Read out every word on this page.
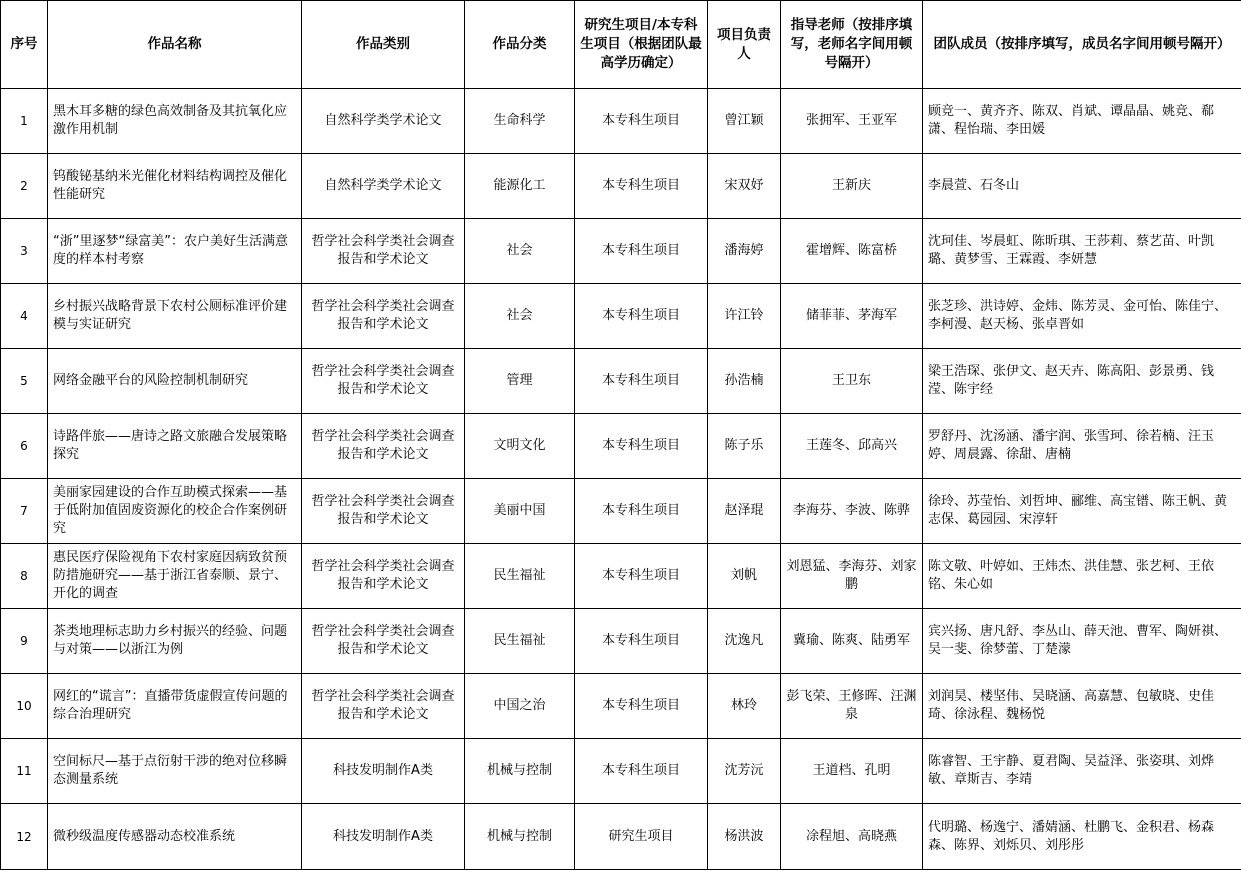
序号	作品名称	作品类别	作品分类	研究生项目/本专科生项目（根据团队最高学历确定）	项目负责人	指导老师（按排序填写，老师名字间用顿号隔开）	团队成员（按排序填写，成员名字间用顿号隔开）
1	黑木耳多糖的绿色高效制备及其抗氧化应激作用机制	自然科学类学术论文	生命科学	本专科生项目	曾江颖	张拥军、王亚军	顾竞一、黄齐齐、陈双、肖斌、谭晶晶、姚竞、郗潇、程怡瑞、李田媛
2	钨酸铋基纳米光催化材料结构调控及催化性能研究	自然科学类学术论文	能源化工	本专科生项目	宋双妤	王新庆	李晨萱、石冬山
3	“浙”里逐梦“绿富美”：农户美好生活满意度的样本村考察	哲学社会科学类社会调查报告和学术论文	社会	本专科生项目	潘海婷	霍增辉、陈富桥	沈珂佳、岑晨虹、陈昕琪、王莎莉、蔡艺苗、叶凯璐、黄梦雪、王霖霞、李妍慧
4	乡村振兴战略背景下农村公厕标准评价建模与实证研究	哲学社会科学类社会调查报告和学术论文	社会	本专科生项目	许江铃	储菲菲、茅海军	张芝珍、洪诗婷、金炜、陈芳灵、金可怡、陈佳宁、李柯漫、赵天杨、张卓晋如
5	网络金融平台的风险控制机制研究	哲学社会科学类社会调查报告和学术论文	管理	本专科生项目	孙浩楠	王卫东	梁王浩琛、张伊文、赵天卉、陈高阳、彭景勇、钱滢、陈宇经
6	诗路伴旅——唐诗之路文旅融合发展策略探究	哲学社会科学类社会调查报告和学术论文	文明文化	本专科生项目	陈子乐	王莲冬、邱高兴	罗舒丹、沈汤涵、潘宇润、张雪珂、徐若楠、汪玉婷、周晨露、徐甜、唐楠
7	美丽家园建设的合作互助模式探索——基于低附加值固废资源化的校企合作案例研究	哲学社会科学类社会调查报告和学术论文	美丽中国	本专科生项目	赵泽琨	李海芬、李波、陈骅	徐玲、苏莹怡、刘哲坤、郦维、高宝镨、陈王帆、黄志保、葛园园、宋淳轩
8	惠民医疗保险视角下农村家庭因病致贫预防措施研究——基于浙江省泰顺、景宁、开化的调查	哲学社会科学类社会调查报告和学术论文	民生福祉	本专科生项目	刘帆	刘恩猛、李海芬、刘家鹏	陈文敬、叶婷如、王炜杰、洪佳慧、张艺柯、王依铭、朱心如
9	茶类地理标志助力乡村振兴的经验、问题与对策——以浙江为例	哲学社会科学类社会调查报告和学术论文	民生福祉	本专科生项目	沈逸凡	冀瑜、陈爽、陆勇军	宾兴扬、唐凡舒、李丛山、薛天池、曹军、陶妍祺、吴一斐、徐梦蕾、丁楚濛
10	网红的“谎言”：直播带货虚假宣传问题的综合治理研究	哲学社会科学类社会调查报告和学术论文	中国之治	本专科生项目	林玲	彭飞荣、王修晖、汪渊泉	刘润昊、楼坚伟、吴晓涵、高嘉慧、包敏晓、史佳琦、徐泳程、魏杨悦
11	空间标尺—基于点衍射干涉的绝对位移瞬态测量系统	科技发明制作A类	机械与控制	本专科生项目	沈芳沅	王道档、孔明	陈睿智、王宇静、夏君陶、吴益泽、张姿琪、刘烨敏、章斯吉、李靖
12	微秒级温度传感器动态校准系统	科技发明制作A类	机械与控制	研究生项目	杨洪波	凃程旭、高晓燕	代明璐、杨逸宁、潘婧涵、杜鹏飞、金积君、杨森森、陈界、刘烁贝、刘彤彤
